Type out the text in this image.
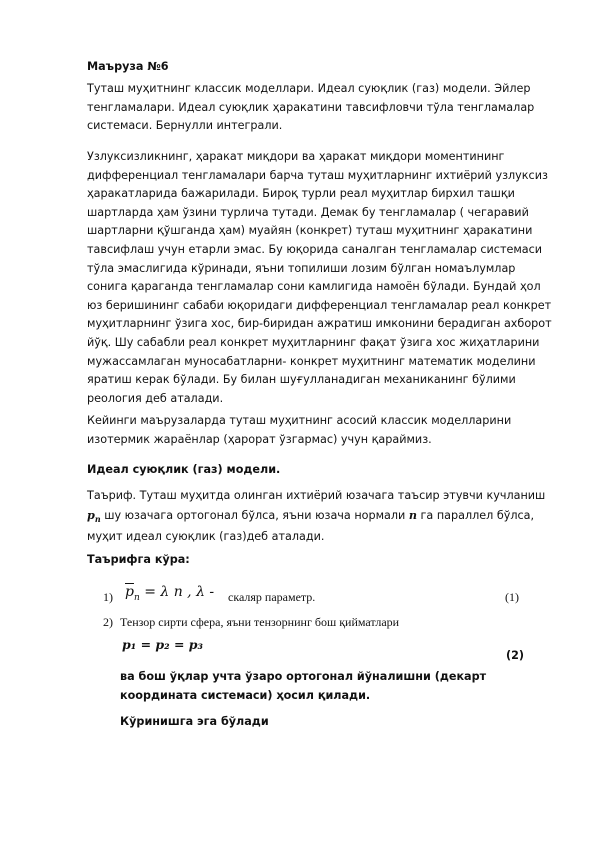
Маъруза №6

Туташ муҳитнинг классик моделлари. Идеал суюқлик (газ) модели. Эйлер тенгламалари. Идеал суюқлик ҳаракатини тавсифловчи тўла тенгламалар системаси. Бернулли интеграли.

Узлуксизликнинг, ҳаракат миқдори ва ҳаракат миқдори моментининг дифференциал тенгламалари барча туташ муҳитларнинг ихтиёрий узлуксиз ҳаракатларида бажарилади. Бироқ турли реал муҳитлар бирхил ташқи шартларда ҳам ўзини турлича тутади. Демак бу тенгламалар ( чегаравий шартларни қўшганда ҳам) муайян (конкрет) туташ муҳитнинг ҳаракатини тавсифлаш учун етарли эмас. Бу юқорида саналган тенгламалар системаси тўла эмаслигида кўринади, яъни топилиши лозим бўлган номаълумлар сонига қараганда тенгламалар сони камлигида намоён бўлади. Бундай ҳол юз беришининг сабаби юқоридаги дифференциал тенгламалар реал конкрет муҳитларнинг ўзига хос, бир-биридан ажратиш имконини берадиган ахборот йўқ. Шу сабабли реал конкрет муҳитларнинг фақат ўзига хос жиҳатларини мужассамлаган муносабатларни- конкрет муҳитнинг математик моделини яратиш керак бўлади. Бу билан шуғулланадиган механиканинг бўлими реология деб аталади.

Кейинги маърузаларда туташ муҳитнинг асосий классик моделларини изотермик жараёнлар (ҳарорат ўзгармас) учун қараймиз.

Идеал суюқлик (газ) модели.

Таъриф. Туташ муҳитда олинган ихтиёрий юзачага таъсир этувчи кучланиш
$p_n$ шу юзачага ортогонал бўлса, яъни юзача нормали n га параллел бўлса,
муҳит идеал суюқлик (газ)деб аталади.

Таърифга кўра:

1) $\overline{p}_n = \lambda$ n , λ - скаляр параметр.	(1)
2) Тензор сирти сфера, яъни тензорнинг бош қийматлари
p₁ = p₂ = p₃
(2)

ва бош ўқлар учта ўзаро ортогонал йўналишни (декарт координата системаси) ҳосил қилади.

Кўринишга эга бўлади
